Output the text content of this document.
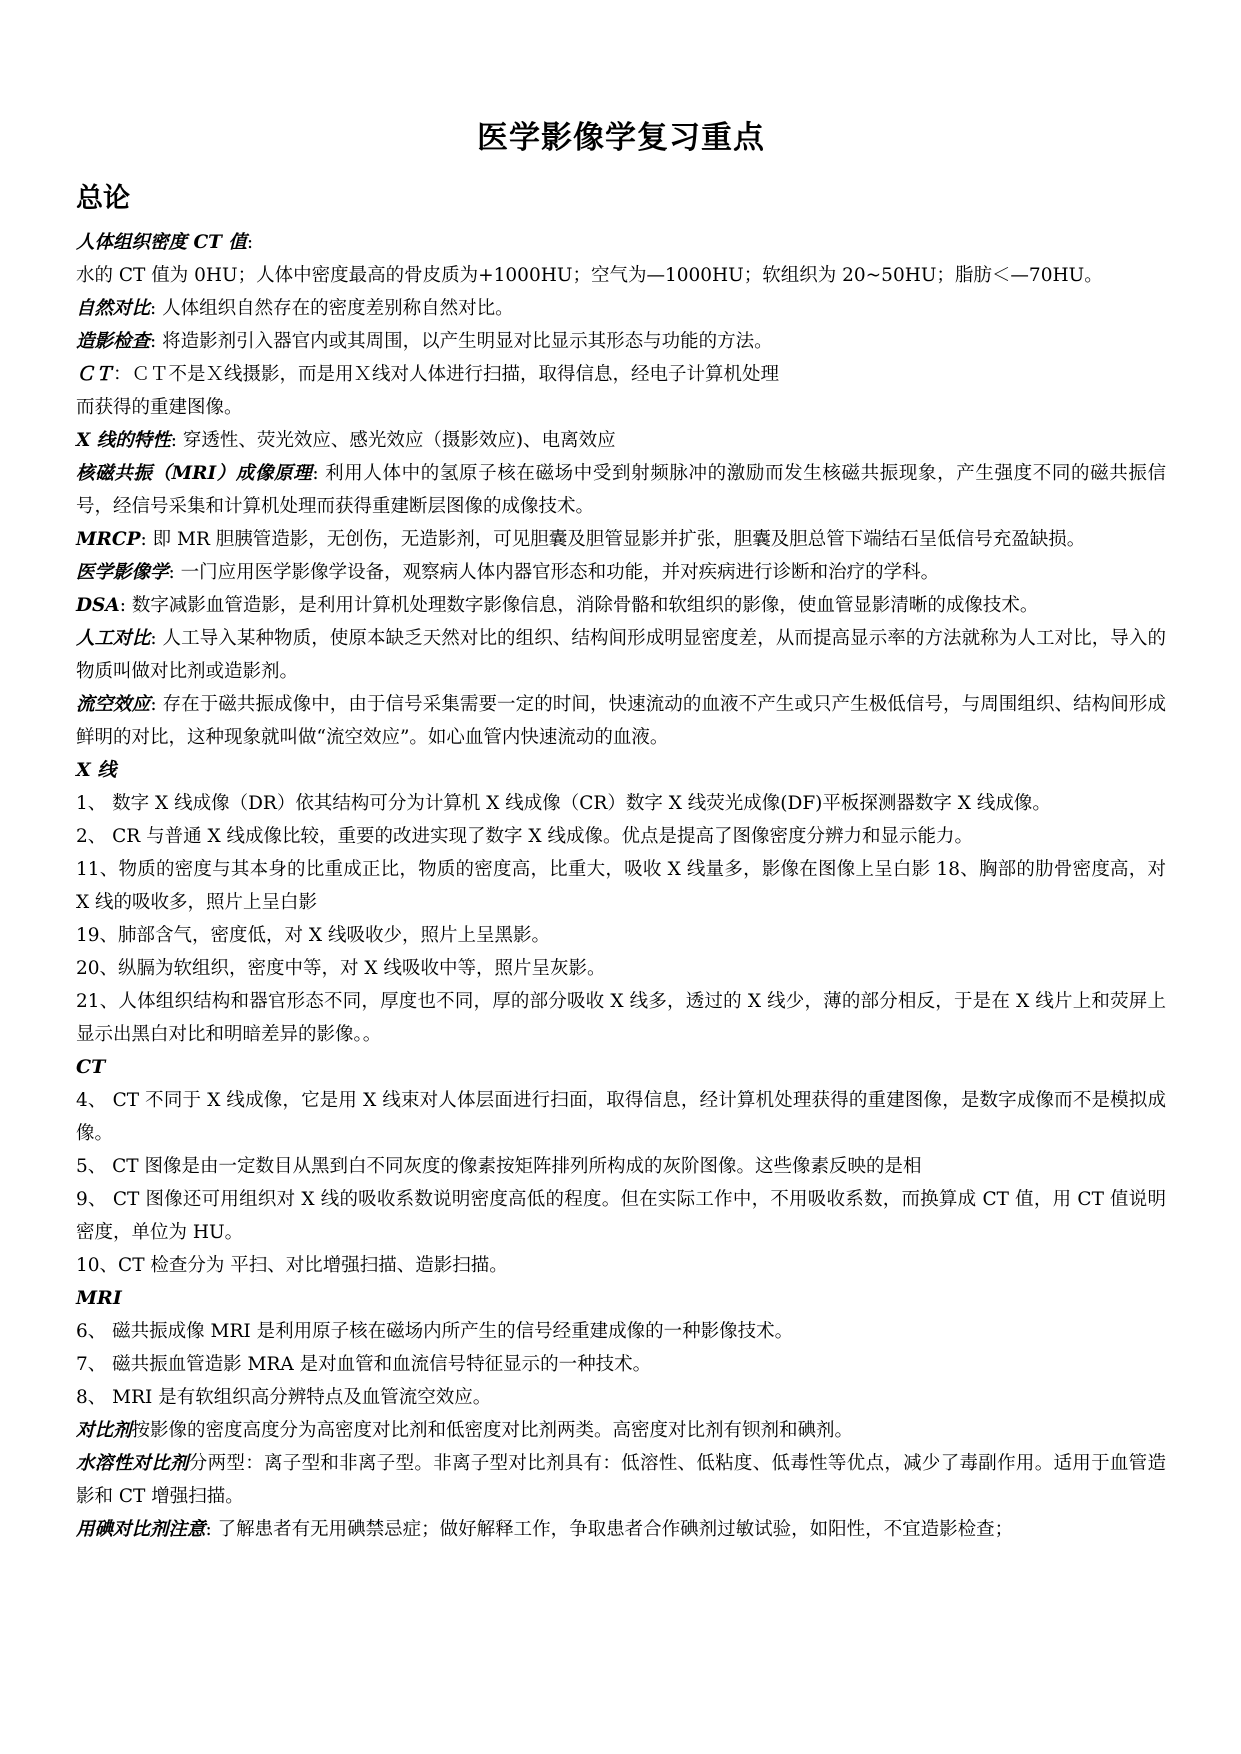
医学影像学复习重点
总论
人体组织密度 CT 值:
水的 CT 值为 0HU；人体中密度最高的骨皮质为+1000HU；空气为—1000HU；软组织为 20~50HU；脂肪＜—70HU。
自然对比: 人体组织自然存在的密度差别称自然对比。
造影检查: 将造影剂引入器官内或其周围，以产生明显对比显示其形态与功能的方法。
ＣＴ：ＣＴ不是Ｘ线摄影，而是用Ｘ线对人体进行扫描，取得信息，经电子计算机处理
而获得的重建图像。
X 线的特性: 穿透性、荧光效应、感光效应（摄影效应)、电离效应
核磁共振（MRI）成像原理: 利用人体中的氢原子核在磁场中受到射频脉冲的激励而发生核磁共振现象，产生强度不同的磁共振信号，经信号采集和计算机处理而获得重建断层图像的成像技术。
MRCP: 即 MR 胆胰管造影，无创伤，无造影剂，可见胆囊及胆管显影并扩张，胆囊及胆总管下端结石呈低信号充盈缺损。
医学影像学: 一门应用医学影像学设备，观察病人体内器官形态和功能，并对疾病进行诊断和治疗的学科。
DSA: 数字减影血管造影，是利用计算机处理数字影像信息，消除骨骼和软组织的影像，使血管显影清晰的成像技术。
人工对比: 人工导入某种物质，使原本缺乏天然对比的组织、结构间形成明显密度差，从而提高显示率的方法就称为人工对比，导入的物质叫做对比剂或造影剂。
流空效应: 存在于磁共振成像中，由于信号采集需要一定的时间，快速流动的血液不产生或只产生极低信号，与周围组织、结构间形成鲜明的对比，这种现象就叫做“流空效应”。如心血管内快速流动的血液。
X 线
1、 数字 X 线成像（DR）依其结构可分为计算机 X 线成像（CR）数字 X 线荧光成像(DF)平板探测器数字 X 线成像。
2、 CR 与普通 X 线成像比较，重要的改进实现了数字 X 线成像。优点是提高了图像密度分辨力和显示能力。
11、物质的密度与其本身的比重成正比，物质的密度高，比重大，吸收 X 线量多，影像在图像上呈白影 18、胸部的肋骨密度高，对 X 线的吸收多，照片上呈白影
19、肺部含气，密度低，对 X 线吸收少，照片上呈黑影。
20、纵膈为软组织，密度中等，对 X 线吸收中等，照片呈灰影。
21、人体组织结构和器官形态不同，厚度也不同，厚的部分吸收 X 线多，透过的 X 线少，薄的部分相反，于是在 X 线片上和荧屏上显示出黑白对比和明暗差异的影像。。
CT
4、 CT 不同于 X 线成像，它是用 X 线束对人体层面进行扫面，取得信息，经计算机处理获得的重建图像，是数字成像而不是模拟成像。
5、 CT 图像是由一定数目从黑到白不同灰度的像素按矩阵排列所构成的灰阶图像。这些像素反映的是相
9、 CT 图像还可用组织对 X 线的吸收系数说明密度高低的程度。但在实际工作中，不用吸收系数，而换算成 CT 值，用 CT 值说明密度，单位为 HU。
10、CT 检查分为 平扫、对比增强扫描、造影扫描。
MRI
6、 磁共振成像 MRI 是利用原子核在磁场内所产生的信号经重建成像的一种影像技术。
7、 磁共振血管造影 MRA 是对血管和血流信号特征显示的一种技术。
8、 MRI 是有软组织高分辨特点及血管流空效应。
对比剂按影像的密度高度分为高密度对比剂和低密度对比剂两类。高密度对比剂有钡剂和碘剂。
水溶性对比剂分两型：离子型和非离子型。非离子型对比剂具有：低溶性、低粘度、低毒性等优点，减少了毒副作用。适用于血管造影和 CT 增强扫描。
用碘对比剂注意: 了解患者有无用碘禁忌症；做好解释工作，争取患者合作碘剂过敏试验，如阳性，不宜造影检查；
